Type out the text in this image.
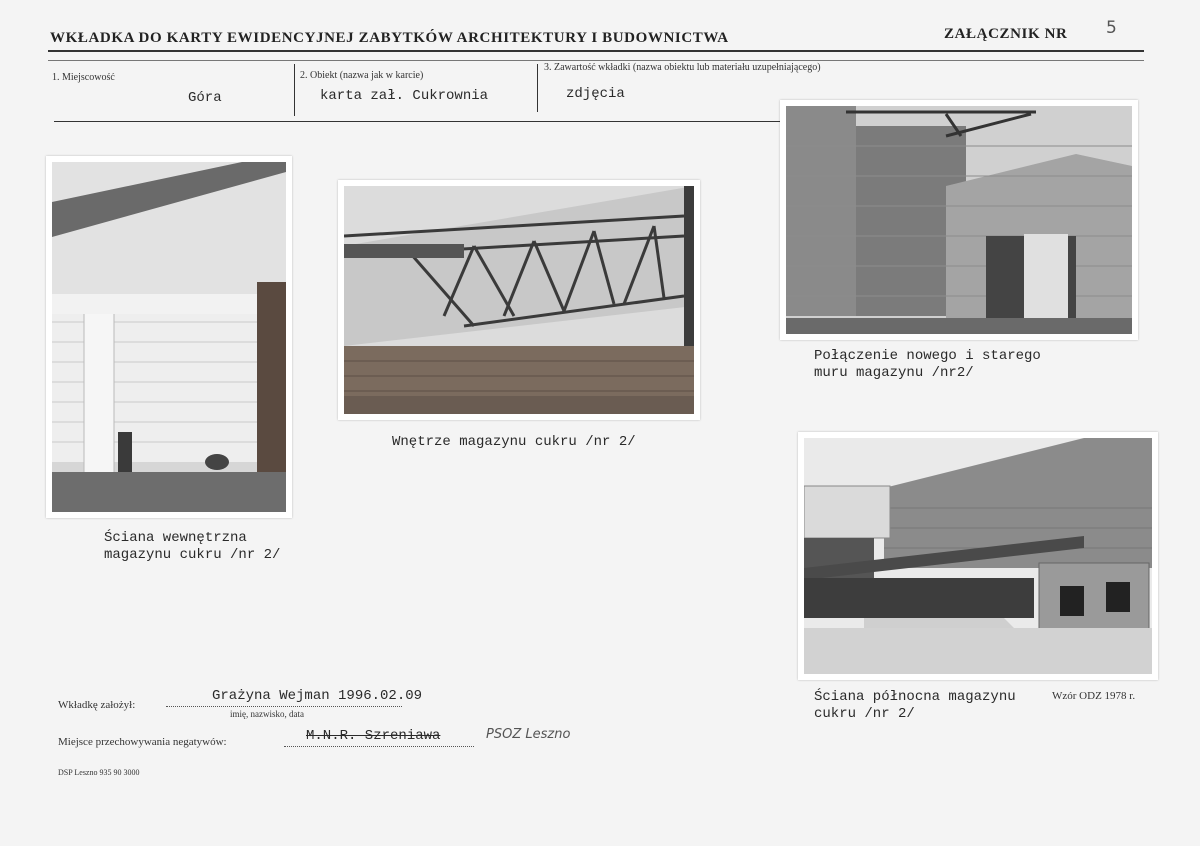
WKŁADKA DO KARTY EWIDENCYJNEJ ZABYTKÓW ARCHITEKTURY I BUDOWNICTWA	ZAŁĄCZNIK NR 5
1. Miejscowość
Góra
2. Obiekt (nazwa jak w karcie)
karta zał. Cukrownia
3. Zawartość wkładki (nazwa obiektu lub materiału uzupełniającego)
zdjęcia
Ściana wewnętrzna
magazynu cukru /nr 2/
Wnętrze magazynu cukru /nr 2/
Połączenie nowego i starego
muru magazynu /nr2/
Ściana północna magazynu
cukru /nr 2/
Wzór ODZ 1978 r.
Wkładkę założył:
Grażyna Wejman 1996.02.09
imię, nazwisko, data
Miejsce przechowywania negatywów:	M.N.R. Szreniawa	PSOZ Leszno
DSP Leszno 935 90 3000
